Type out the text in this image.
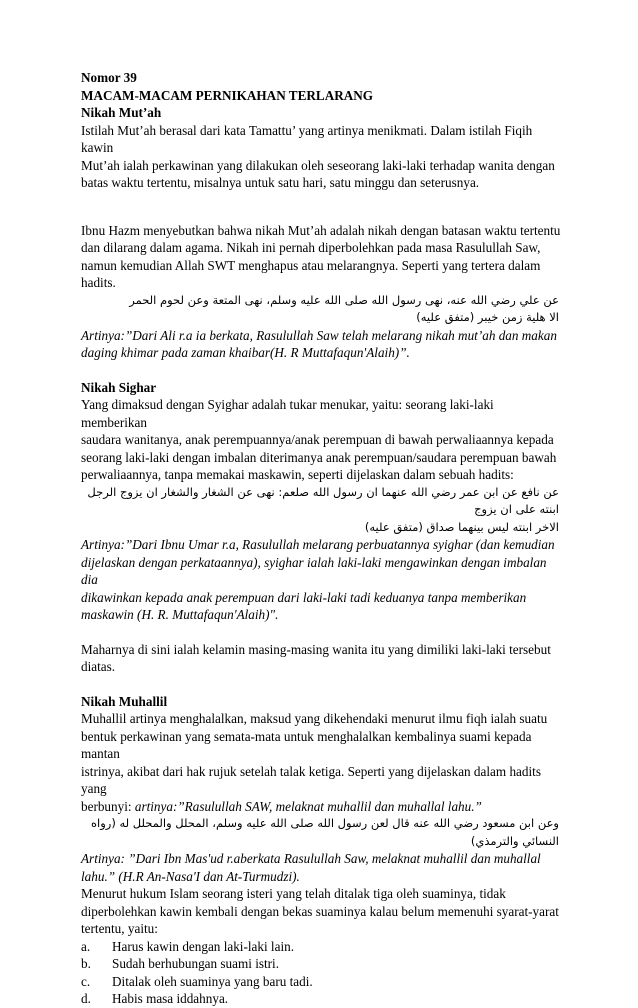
Nomor 39

MACAM-MACAM PERNIKAHAN TERLARANG

Nikah Mut’ah

Istilah Mut’ah berasal dari kata Tamattu’ yang artinya menikmati. Dalam istilah Fiqih kawin

Mut’ah ialah perkawinan yang dilakukan oleh seseorang laki-laki terhadap wanita dengan

batas waktu tertentu, misalnya untuk satu hari, satu minggu dan seterusnya.

Ibnu Hazm menyebutkan bahwa nikah Mut’ah adalah nikah dengan batasan waktu tertentu

dan dilarang dalam agama. Nikah ini pernah diperbolehkan pada masa Rasulullah Saw,

namun kemudian Allah SWT menghapus atau melarangnya. Seperti yang tertera dalam

hadits.

عن علي رضي الله عنه، نهى رسول الله صلى الله عليه وسلم، نهى المتعة وعن لحوم الحمر

الا هلية زمن خيبر (متفق عليه)

Artinya:”Dari Ali r.a ia berkata, Rasulullah Saw telah melarang nikah mut’ah dan makan

daging khimar pada zaman khaibar(H. R Muttafaqun'Alaih)”.

Nikah Sighar

Yang dimaksud dengan Syighar adalah tukar menukar, yaitu: seorang laki-laki memberikan

saudara wanitanya, anak perempuannya/anak perempuan di bawah perwaliaannya kepada

seorang laki-laki dengan imbalan diterimanya anak perempuan/saudara perempuan bawah

perwaliaannya, tanpa memakai maskawin, seperti dijelaskan dalam sebuah hadits:

عن نافع عن ابن عمر رضي الله عنهما ان رسول الله صلعم: نهى عن الشغار والشغار ان يزوج الرجل ابنته على ان يزوج

الاخر ابنته ليس بينهما صداق (متفق عليه)

Artinya:”Dari Ibnu Umar r.a, Rasulullah melarang perbuatannya syighar (dan kemudian

dijelaskan dengan perkataannya), syighar ialah laki-laki mengawinkan dengan imbalan dia

dikawinkan kepada anak perempuan dari laki-laki tadi keduanya tanpa memberikan

maskawin (H. R. Muttafaqun'Alaih)".

Maharnya di sini ialah kelamin masing-masing wanita itu yang dimiliki laki-laki tersebut

diatas.

Nikah Muhallil

Muhallil artinya menghalalkan, maksud yang dikehendaki menurut ilmu fiqh ialah suatu

bentuk perkawinan yang semata-mata untuk menghalalkan kembalinya suami kepada mantan

istrinya, akibat dari hak rujuk setelah talak ketiga. Seperti yang dijelaskan dalam hadits yang

berbunyi: artinya:”Rasulullah SAW, melaknat muhallil dan muhallal lahu.”

وعن ابن مسعود رضي الله عنه قال لعن رسول الله صلى الله عليه وسلم، المحلل والمحلل له (رواه النسائي والترمذي)

Artinya: ”Dari Ibn Mas'ud r.aberkata Rasulullah Saw, melaknat muhallil dan muhallal

lahu.” (H.R An-Nasa'I dan At-Turmudzi).

Menurut hukum Islam seorang isteri yang telah ditalak tiga oleh suaminya, tidak

diperbolehkan kawin kembali dengan bekas suaminya kalau belum memenuhi syarat-yarat

tertentu, yaitu:

a.	Harus kawin dengan laki-laki lain.
b.	Sudah berhubungan suami istri.
c.	Ditalak oleh suaminya yang baru tadi.
d.	Habis masa iddahnya.
